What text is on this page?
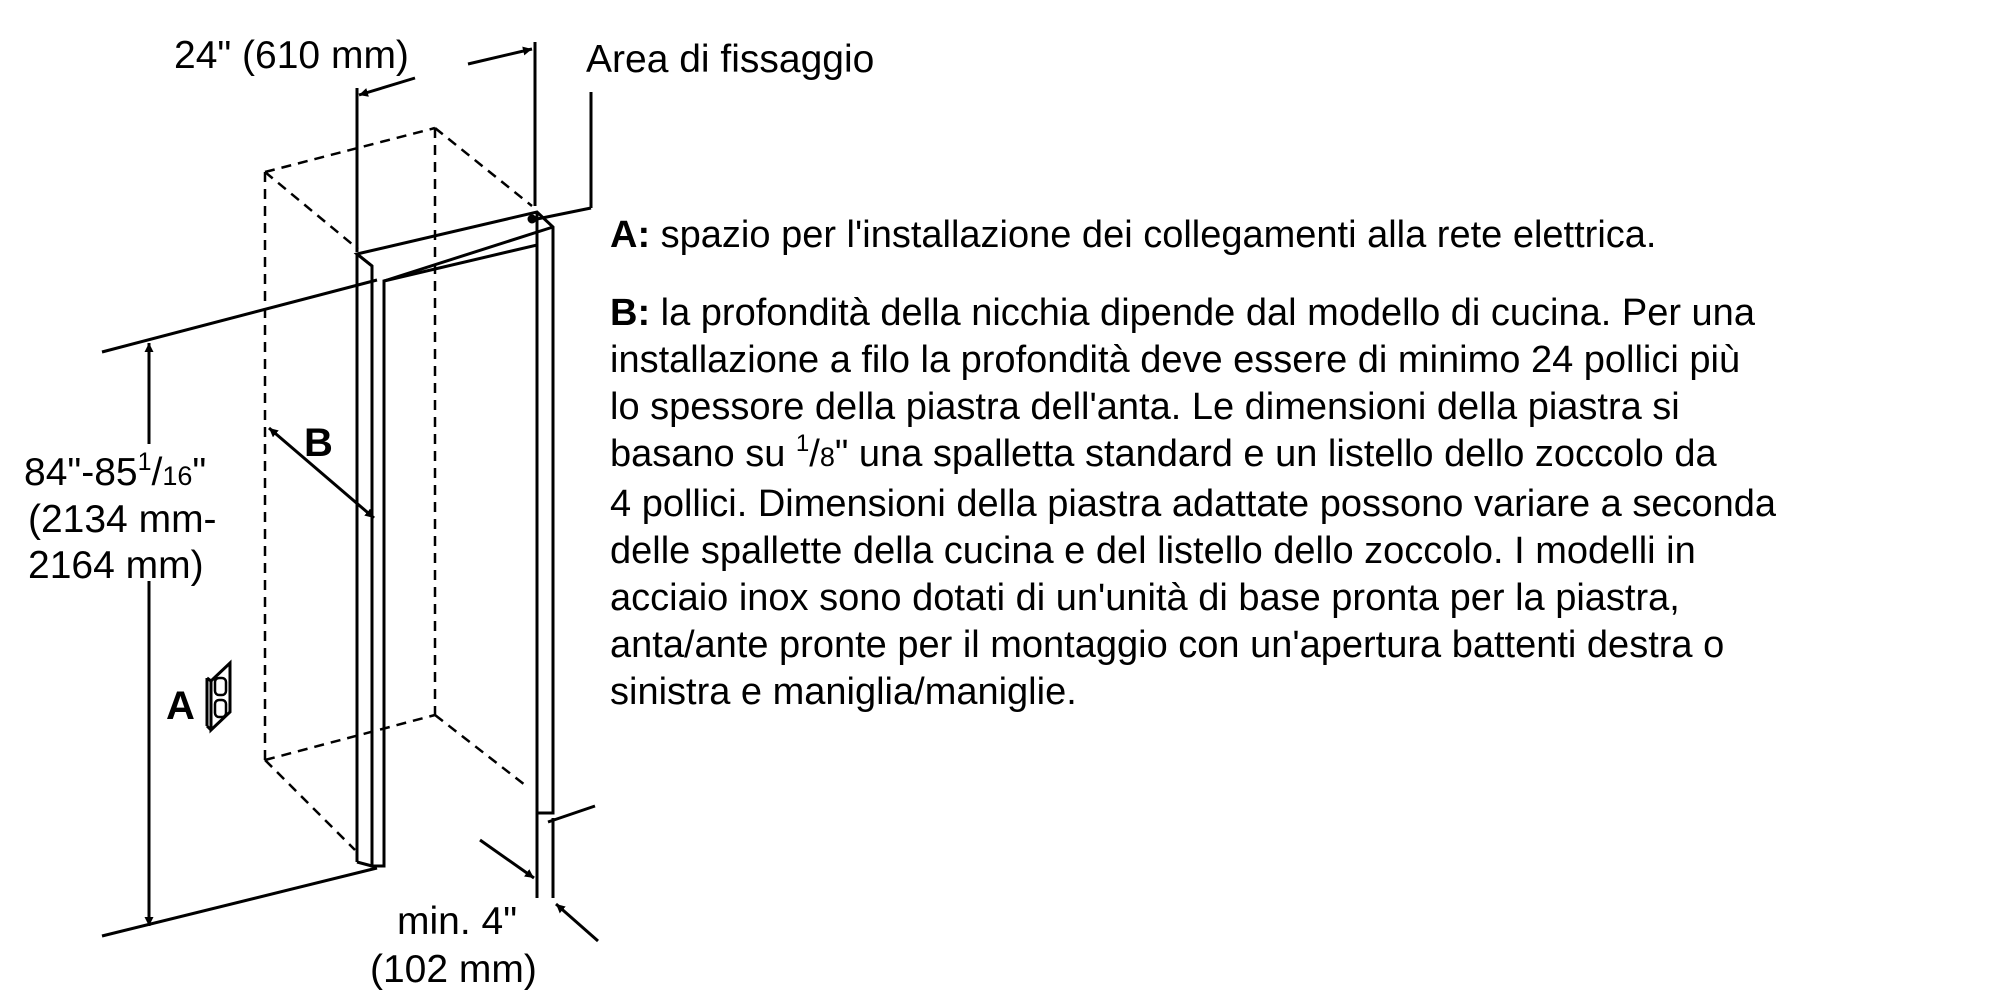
24" (610 mm)	Area di fissaggio
B
A
$84"-85^1/16$"
(2134 mm-
2164 mm)
min. 4"
(102 mm)

A: spazio per l'installazione dei collegamenti alla rete elettrica.

B: la profondità della nicchia dipende dal modello di cucina. Per una

installazione a filo la profondità deve essere di minimo 24 pollici più

lo spessore della piastra dell'anta. Le dimensioni della piastra si

basano su $^1$/8" una spalletta standard e un listello dello zoccolo da

4 pollici. Dimensioni della piastra adattate possono variare a seconda

delle spallette della cucina e del listello dello zoccolo. I modelli in

acciaio inox sono dotati di un'unità di base pronta per la piastra,

anta/ante pronte per il montaggio con un'apertura battenti destra o

sinistra e maniglia/maniglie.
